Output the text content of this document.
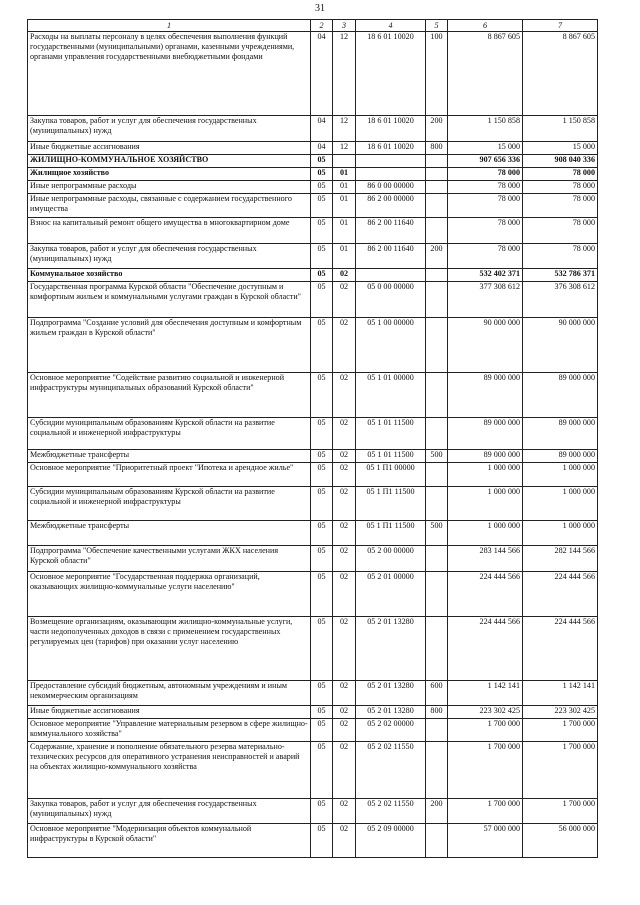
31
1	2	3	4	5	6	7
Расходы на выплаты персоналу в целях обеспечения выполнения функций государственными (муниципальными) органами, казенными учреждениями, органами управления государственными внебюджетными фондами	04	12	18 6 01 10020	100	8 867 605	8 867 605
Закупка товаров, работ и услуг для обеспечения государственных (муниципальных) нужд	04	12	18 6 01 10020	200	1 150 858	1 150 858
Иные бюджетные ассигнования	04	12	18 6 01 10020	800	15 000	15 000
ЖИЛИЩНО-КОММУНАЛЬНОЕ ХОЗЯЙСТВО	05				907 656 336	908 040 336
Жилищное хозяйство	05	01			78 000	78 000
Иные непрограммные расходы	05	01	86 0 00 00000		78 000	78 000
Иные непрограммные расходы, связанные с содержанием государственного имущества	05	01	86 2 00 00000		78 000	78 000
Взнос на капитальный ремонт общего имущества в многоквартирном доме	05	01	86 2 00 11640		78 000	78 000
Закупка товаров, работ и услуг для обеспечения государственных (муниципальных) нужд	05	01	86 2 00 11640	200	78 000	78 000
Коммунальное хозяйство	05	02			532 402 371	532 786 371
Государственная программа Курской области "Обеспечение доступным и комфортным жильем и коммунальными услугами граждан в Курской области"	05	02	05 0 00 00000		377 308 612	376 308 612
Подпрограмма "Создание условий для обеспечения доступным и комфортным жильем граждан в Курской области"	05	02	05 1 00 00000		90 000 000	90 000 000
Основное мероприятие "Содействие развитию социальной и инженерной инфраструктуры муниципальных образований Курской области"	05	02	05 1 01 00000		89 000 000	89 000 000
Субсидии муниципальным образованиям Курской области на развитие социальной и инженерной инфраструктуры	05	02	05 1 01 11500		89 000 000	89 000 000
Межбюджетные трансферты	05	02	05 1 01 11500	500	89 000 000	89 000 000
Основное мероприятие "Приоритетный проект "Ипотека и арендное жилье"	05	02	05 1 П1 00000		1 000 000	1 000 000
Субсидии муниципальным образованиям Курской области на развитие социальной и инженерной инфраструктуры	05	02	05 1 П1 11500		1 000 000	1 000 000
Межбюджетные трансферты	05	02	05 1 П1 11500	500	1 000 000	1 000 000
Подпрограмма "Обеспечение качественными услугами ЖКХ населения Курской области"	05	02	05 2 00 00000		283 144 566	282 144 566
Основное мероприятие "Государственная поддержка организаций, оказывающих жилищно-коммунальные услуги населению"	05	02	05 2 01 00000		224 444 566	224 444 566
Возмещение организациям, оказывающим жилищно-коммунальные услуги, части недополученных доходов в связи с применением государственных регулируемых цен (тарифов) при оказании услуг населению	05	02	05 2 01 13280		224 444 566	224 444 566
Предоставление субсидий бюджетным, автономным учреждениям и иным некоммерческим организациям	05	02	05 2 01 13280	600	1 142 141	1 142 141
Иные бюджетные ассигнования	05	02	05 2 01 13280	800	223 302 425	223 302 425
Основное мероприятие "Управление материальным резервом в сфере жилищно-коммунального хозяйства"	05	02	05 2 02 00000		1 700 000	1 700 000
Содержание, хранение и пополнение обязательного резерва материально-технических ресурсов для оперативного устранения неисправностей и аварий на объектах жилищно-коммунального хозяйства	05	02	05 2 02 11550		1 700 000	1 700 000
Закупка товаров, работ и услуг для обеспечения государственных (муниципальных) нужд	05	02	05 2 02 11550	200	1 700 000	1 700 000
Основное мероприятие "Модернизация объектов коммунальной инфраструктуры в Курской области"	05	02	05 2 09 00000		57 000 000	56 000 000
